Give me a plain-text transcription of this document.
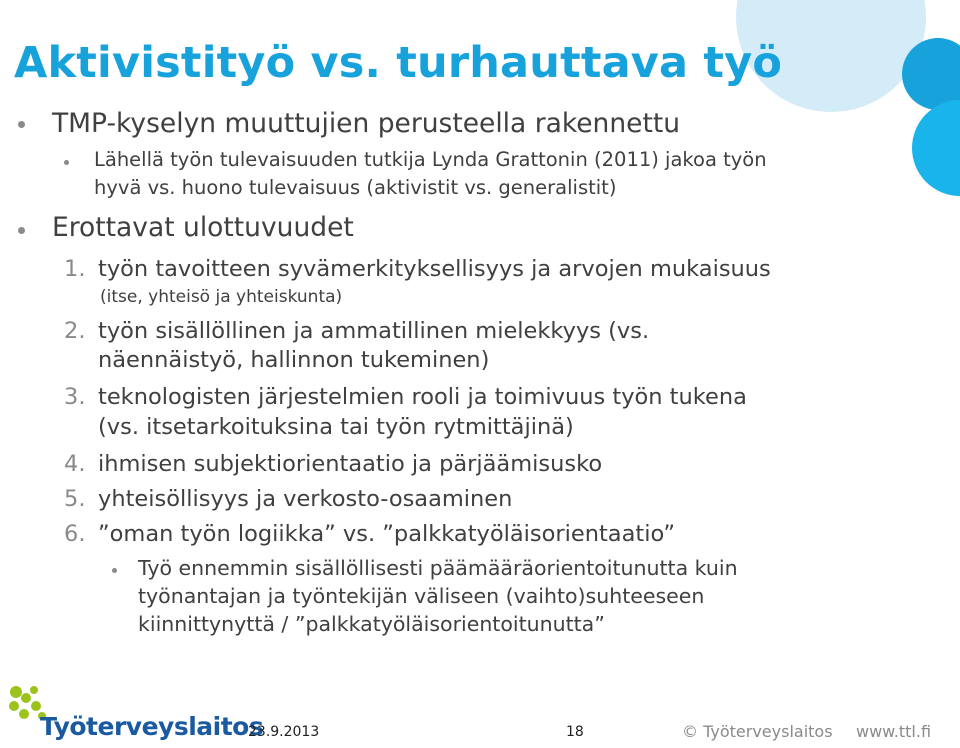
Aktivistityö vs. turhauttava työ
TMP-kyselyn muuttujien perusteella rakennettu
Lähellä työn tulevaisuuden tutkija Lynda Grattonin (2011) jakoa työn
hyvä vs. huono tulevaisuus (aktivistit vs. generalistit)
Erottavat ulottuvuudet
1. työn tavoitteen syvämerkityksellisyys ja arvojen mukaisuus
(itse, yhteisö ja yhteiskunta)
2. työn sisällöllinen ja ammatillinen mielekkyys (vs.
näennäistyö, hallinnon tukeminen)
3. teknologisten järjestelmien rooli ja toimivuus työn tukena
(vs. itsetarkoituksina tai työn rytmittäjinä)
4. ihmisen subjektiorientaatio ja pärjäämisusko
5. yhteisöllisyys ja verkosto-osaaminen
6. ”oman työn logiikka” vs. ”palkkatyöläisorientaatio”
Työ ennemmin sisällöllisesti päämääräorientoitunutta kuin
työnantajan ja työntekijän väliseen (vaihto)suhteeseen
kiinnittynyttä / ”palkkatyöläisorientoitunutta”
Työterveyslaitos
23.9.2013	18	© Työterveyslaitos www.ttl.fi
